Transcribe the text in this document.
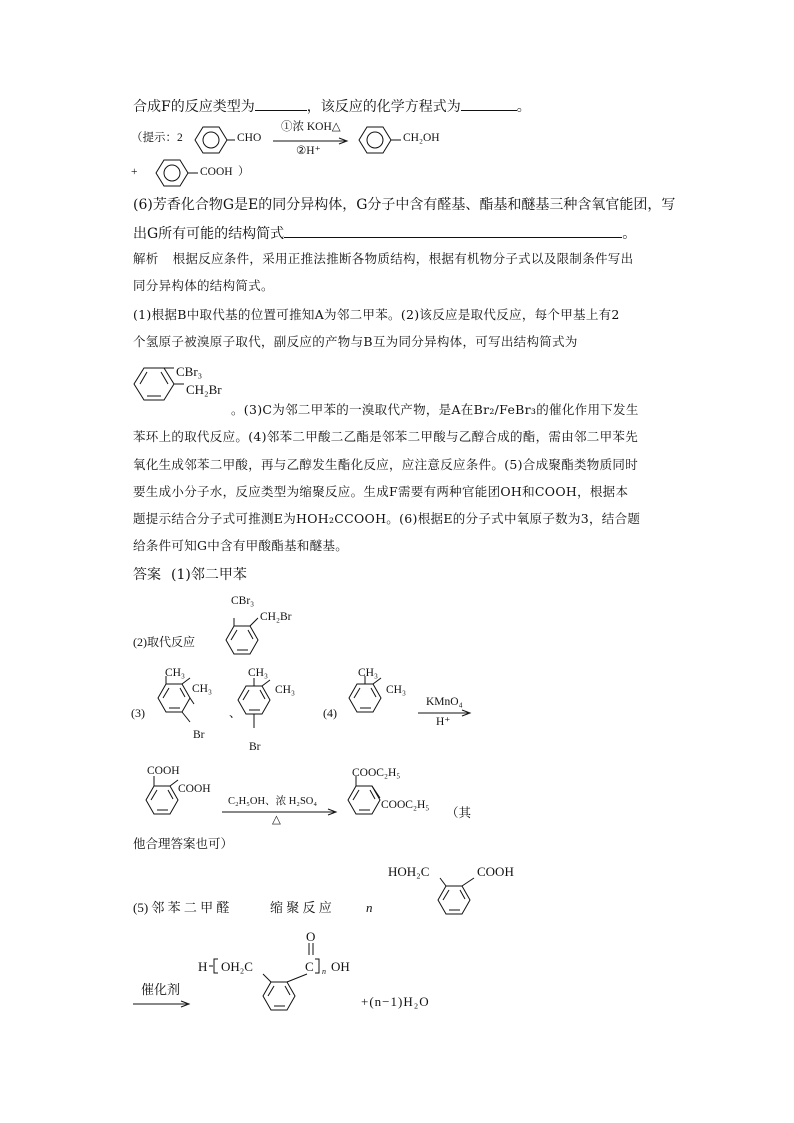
合成F的反应类型为	，该反应的化学方程式为	。
（提示：2	CHO
①浓 KOH△
②H⁺
CH₂OH
+	COOH ）
(6)芳香化合物G是E的同分异构体，G分子中含有醛基、酯基和醚基三种含氧官能团，写
出G所有可能的结构简式	。
解析 根据反应条件，采用正推法推断各物质结构，根据有机物分子式以及限制条件写出
同分异构体的结构简式。
(1)根据B中取代基的位置可推知A为邻二甲苯。(2)该反应是取代反应，每个甲基上有2
个氢原子被溴原子取代，副反应的产物与B互为同分异构体，可写出结构简式为
CBr₃
CH₂Br
。(3)C为邻二甲苯的一溴取代产物，是A在Br₂/FeBr₃的催化作用下发生
苯环上的取代反应。(4)邻苯二甲酸二乙酯是邻苯二甲酸与乙醇合成的酯，需由邻二甲苯先
氧化生成邻苯二甲酸，再与乙醇发生酯化反应，应注意反应条件。(5)合成聚酯类物质同时
要生成小分子水，反应类型为缩聚反应。生成F需要有两种官能团OH和COOH，根据本
题提示结合分子式可推测E为HOH₂CCOOH。(6)根据E的分子式中氧原子数为3，结合题
给条件可知G中含有甲酸酯基和醚基。
答案 (1)邻二甲苯
(2)取代反应
CBr₃
CH₂Br
(3)
CH₃
CH₃
Br
、
CH₃
CH₃
Br
(4)
CH₃
CH₃
KMnO₄
H⁺
COOH
COOH
C₂H₅OH、浓 H₂SO₄
△
COOC₂H₅
COOC₂H₅
（其
他合理答案也可）
HOH₂C	COOH
(5) 邻 苯 二 甲 醛	缩 聚 反 应	n
O
H OH₂C	C n OH
催化剂
+(n−1)H₂O
